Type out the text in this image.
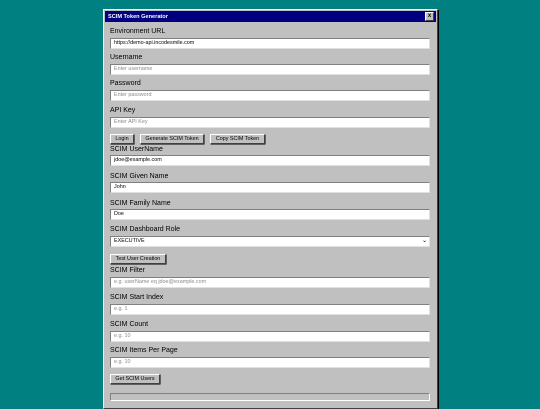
SCIM Token Generator	x
Environment URL
https://demo-api.incodesmile.com
Username
Enter username
Password
Enter password
API Key
Enter API Key
Login	Generate SCIM Token	Copy SCIM Token
SCIM UserName
jdoe@example.com
SCIM Given Name
John
SCIM Family Name
Doe
SCIM Dashboard Role
EXECUTIVE	⌄
Test User Creation
SCIM Filter
e.g. userName eq jdoe@example.com
SCIM Start Index
e.g. 1
SCIM Count
e.g. 10
SCIM Items Per Page
e.g. 10
Get SCIM Users
